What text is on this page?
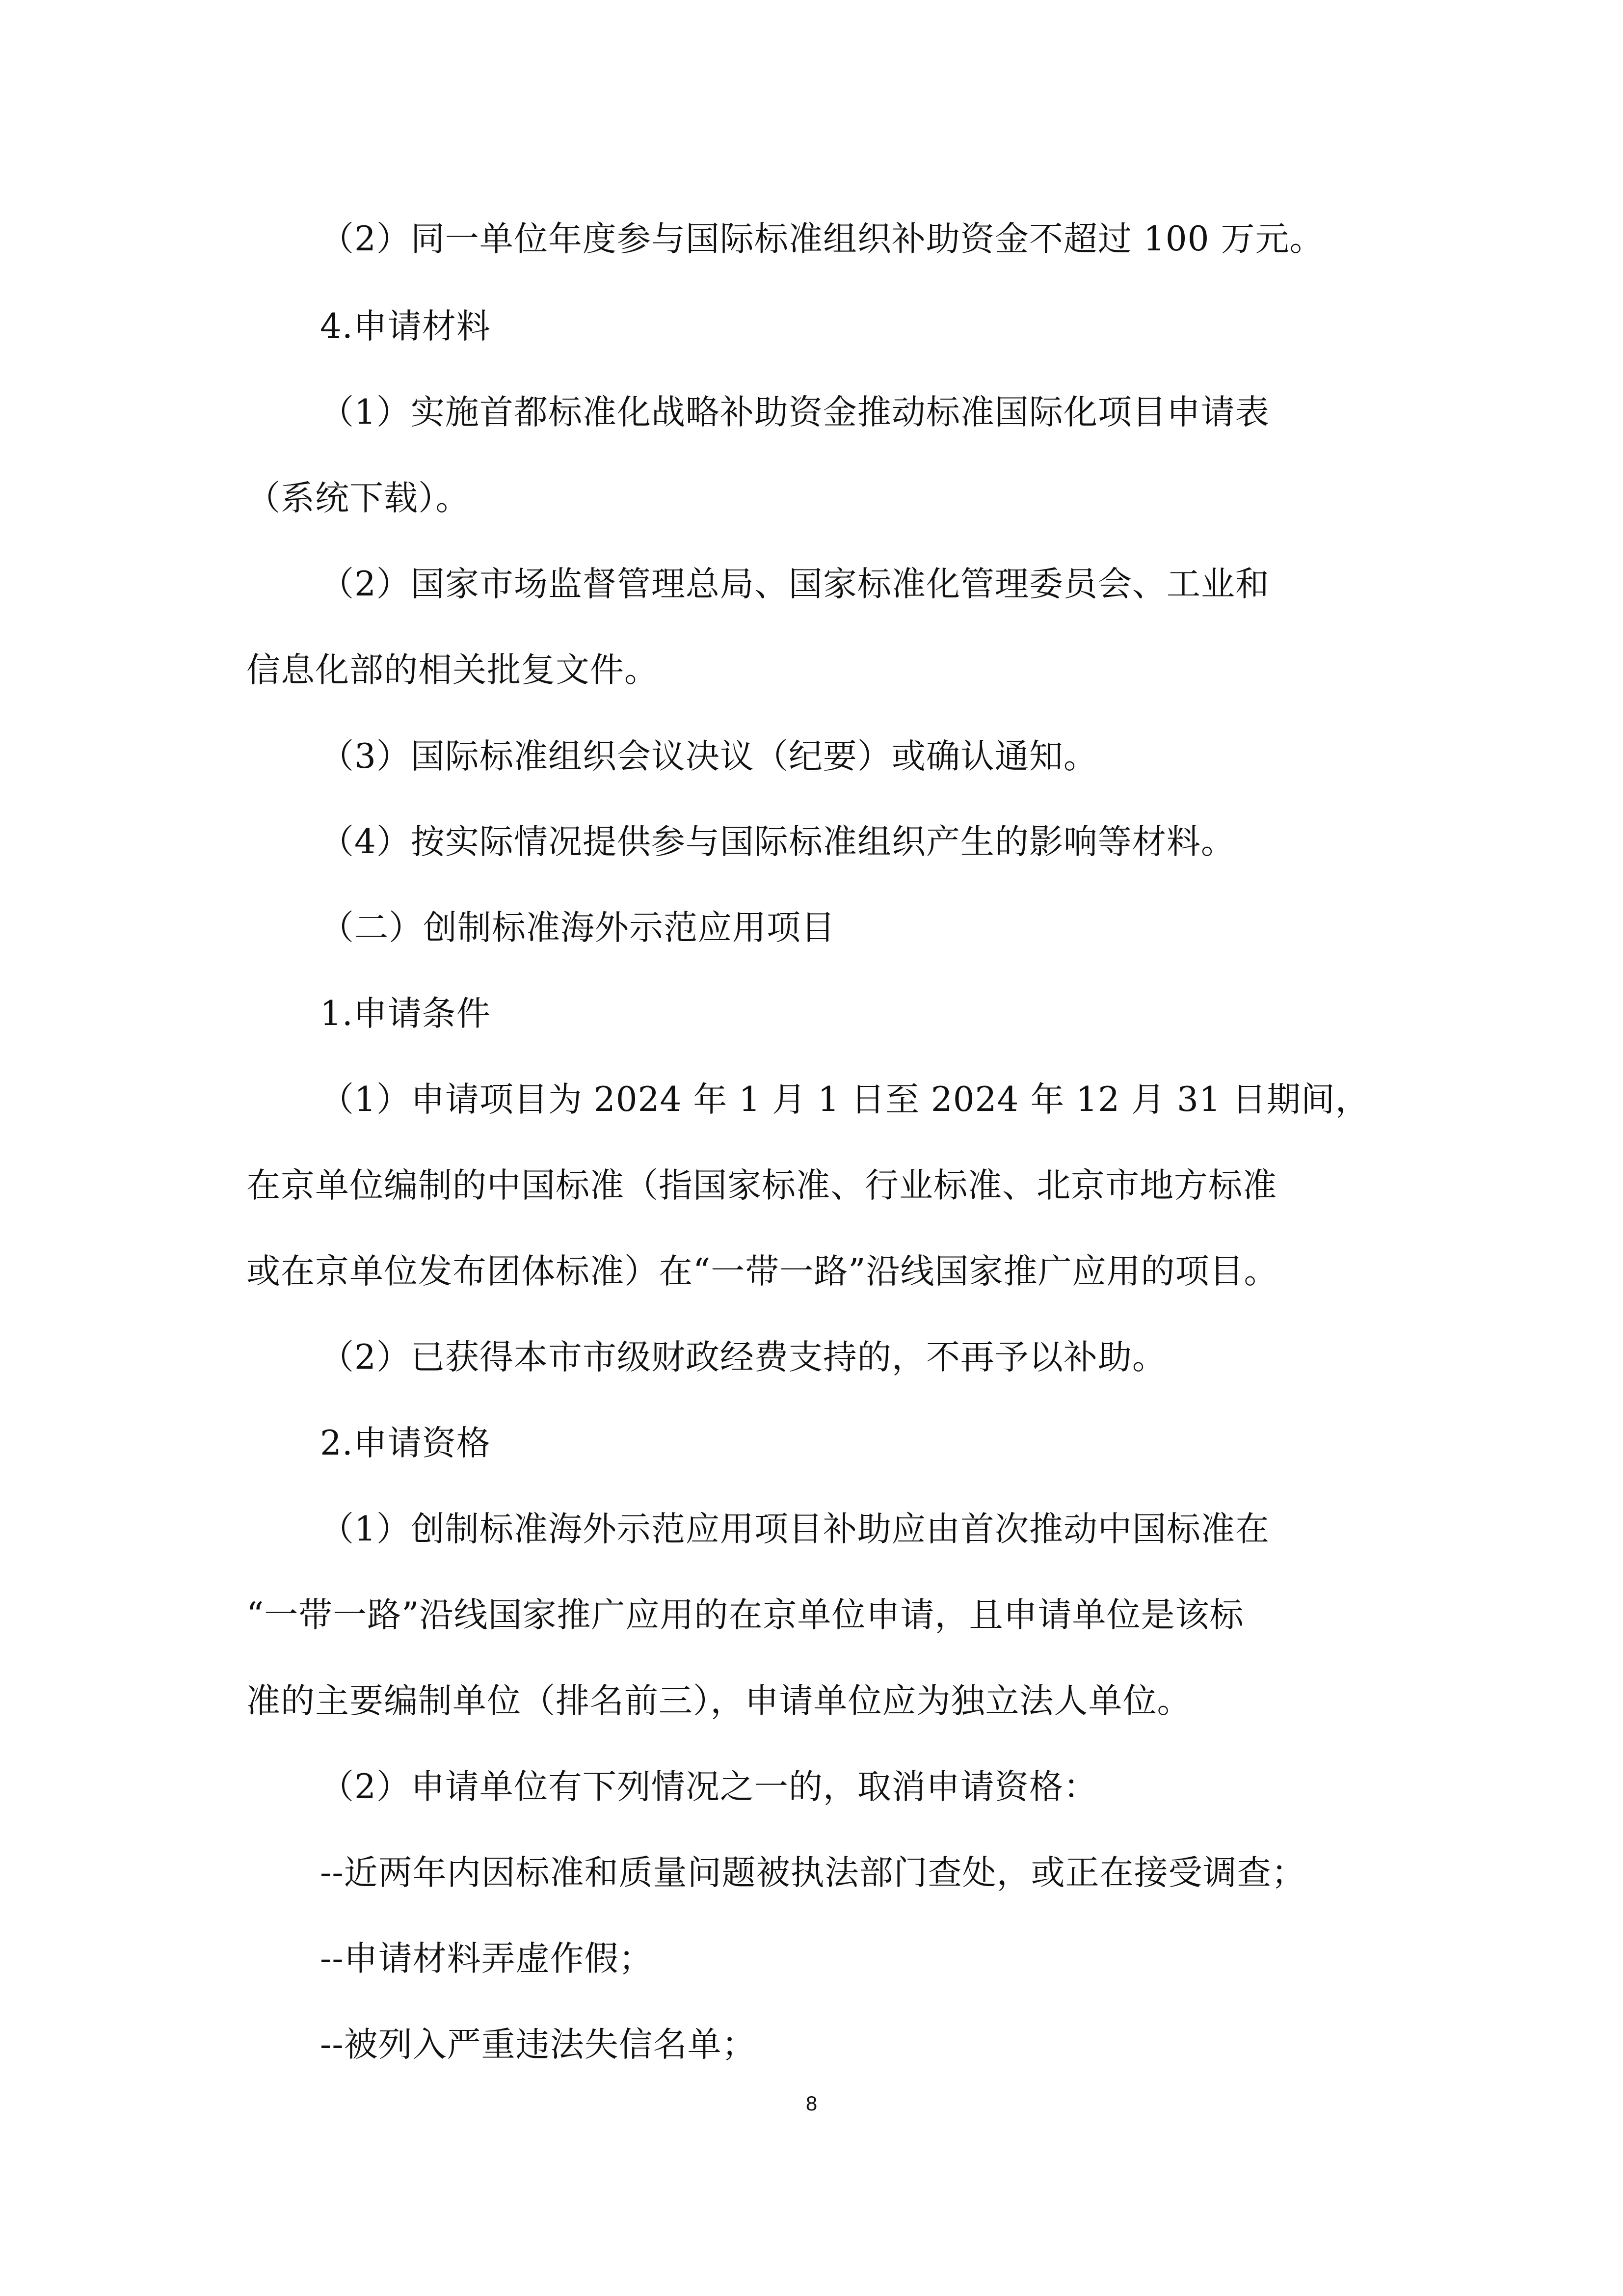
（2）同一单位年度参与国际标准组织补助资金不超过 100 万元。
4.申请材料
（1）实施首都标准化战略补助资金推动标准国际化项目申请表
（系统下载）。
（2）国家市场监督管理总局、国家标准化管理委员会、工业和
信息化部的相关批复文件。
（3）国际标准组织会议决议（纪要）或确认通知。
（4）按实际情况提供参与国际标准组织产生的影响等材料。
（二）创制标准海外示范应用项目
1.申请条件
（1）申请项目为 2024 年 1 月 1 日至 2024 年 12 月 31 日期间，
在京单位编制的中国标准（指国家标准、行业标准、北京市地方标准
或在京单位发布团体标准）在“一带一路”沿线国家推广应用的项目。
（2）已获得本市市级财政经费支持的，不再予以补助。
2.申请资格
（1）创制标准海外示范应用项目补助应由首次推动中国标准在
“一带一路”沿线国家推广应用的在京单位申请，且申请单位是该标
准的主要编制单位（排名前三），申请单位应为独立法人单位。
（2）申请单位有下列情况之一的，取消申请资格：
--近两年内因标准和质量问题被执法部门查处，或正在接受调查；
--申请材料弄虚作假；
--被列入严重违法失信名单；
8
